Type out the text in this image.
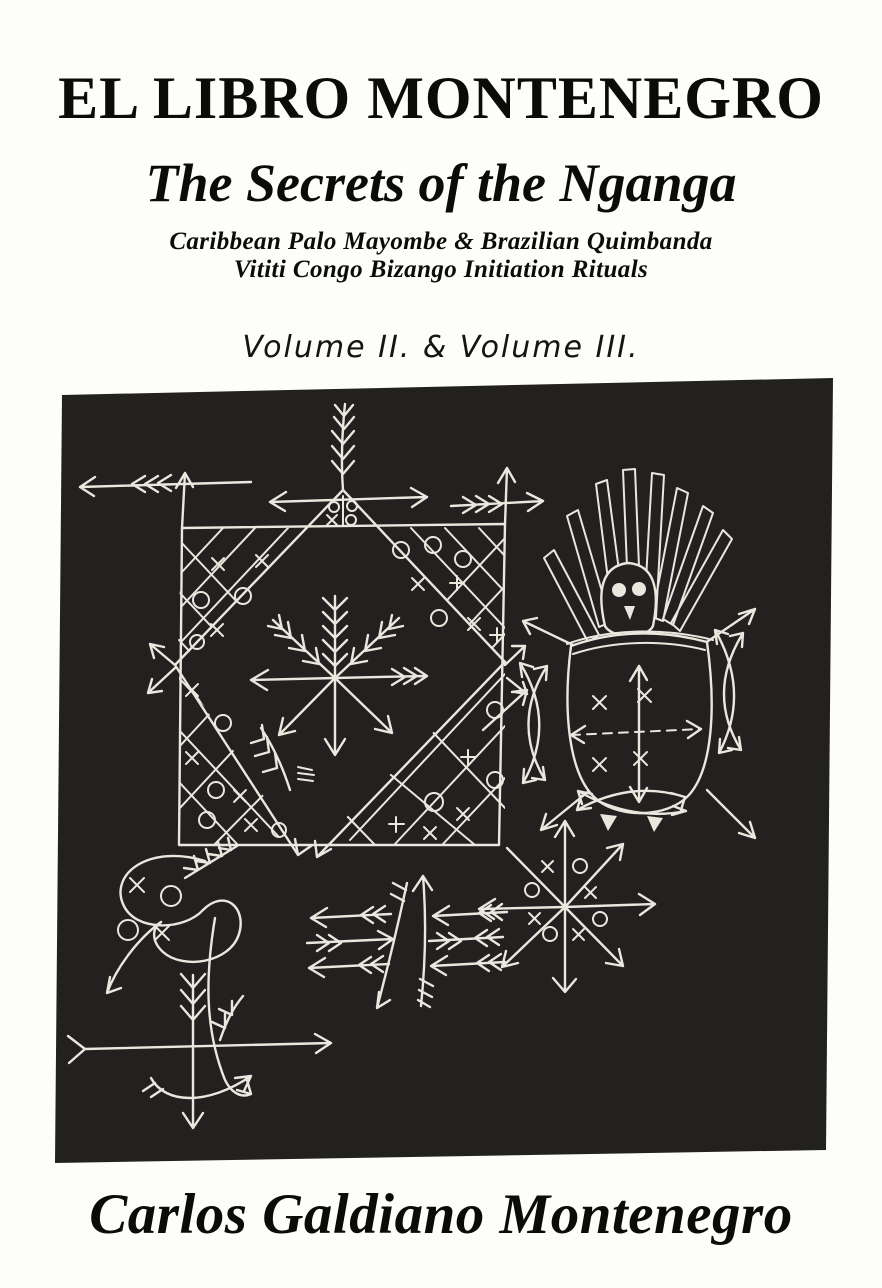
EL LIBRO MONTENEGRO
The Secrets of the Nganga
Caribbean Palo Mayombe & Brazilian Quimbanda
Vititi Congo Bizango Initiation Rituals
Volume II. & Volume III.
Carlos Galdiano Montenegro
